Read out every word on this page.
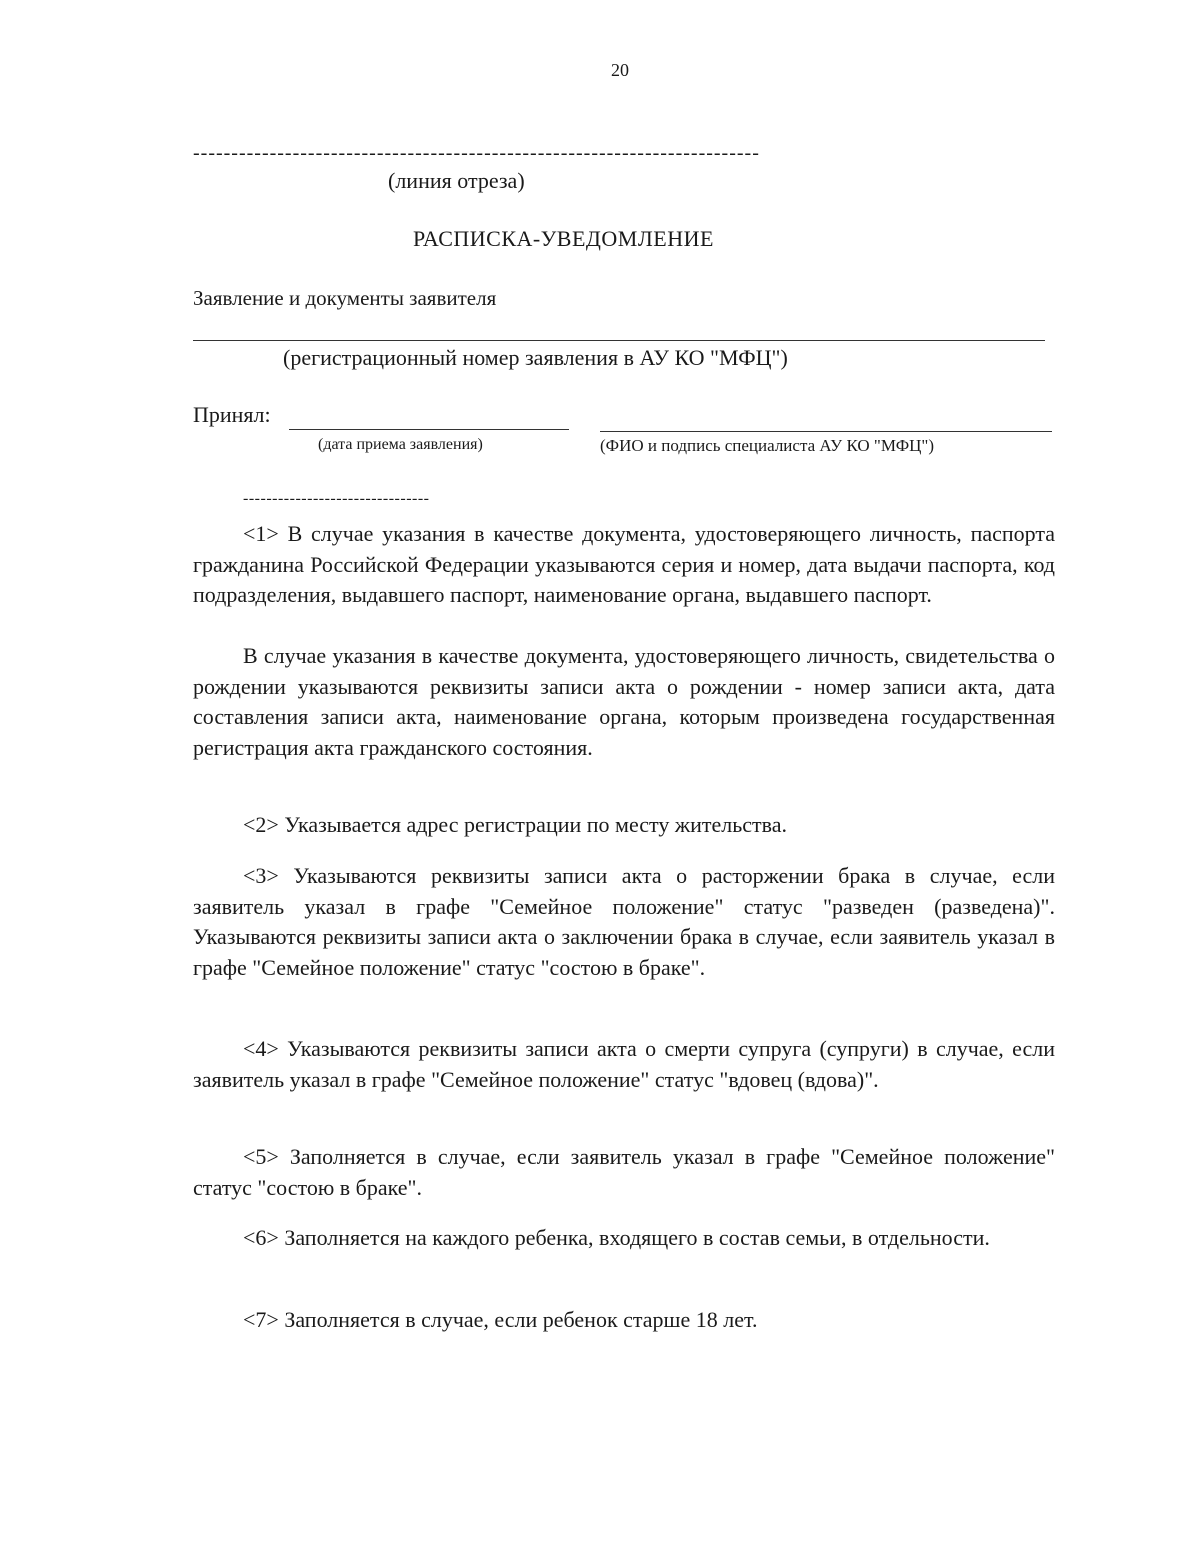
20
--------------------------------------------------------------------------
(линия отреза)
РАСПИСКА-УВЕДОМЛЕНИЕ
Заявление и документы заявителя
(регистрационный номер заявления в АУ КО "МФЦ")
Принял:
(дата приема заявления)	(ФИО и подпись специалиста АУ КО "МФЦ")
--------------------------------
<1> В случае указания в качестве документа, удостоверяющего личность, паспорта гражданина Российской Федерации указываются серия и номер, дата выдачи паспорта, код подразделения, выдавшего паспорт, наименование органа, выдавшего паспорт.
В случае указания в качестве документа, удостоверяющего личность, свидетельства о рождении указываются реквизиты записи акта о рождении - номер записи акта, дата составления записи акта, наименование органа, которым произведена государственная регистрация акта гражданского состояния.
<2> Указывается адрес регистрации по месту жительства.
<3> Указываются реквизиты записи акта о расторжении брака в случае, если заявитель указал в графе "Семейное положение" статус "разведен (разведена)". Указываются реквизиты записи акта о заключении брака в случае, если заявитель указал в графе "Семейное положение" статус "состою в браке".
<4> Указываются реквизиты записи акта о смерти супруга (супруги) в случае, если заявитель указал в графе "Семейное положение" статус "вдовец (вдова)".
<5> Заполняется в случае, если заявитель указал в графе "Семейное положение" статус "состою в браке".
<6> Заполняется на каждого ребенка, входящего в состав семьи, в отдельности.
<7> Заполняется в случае, если ребенок старше 18 лет.
